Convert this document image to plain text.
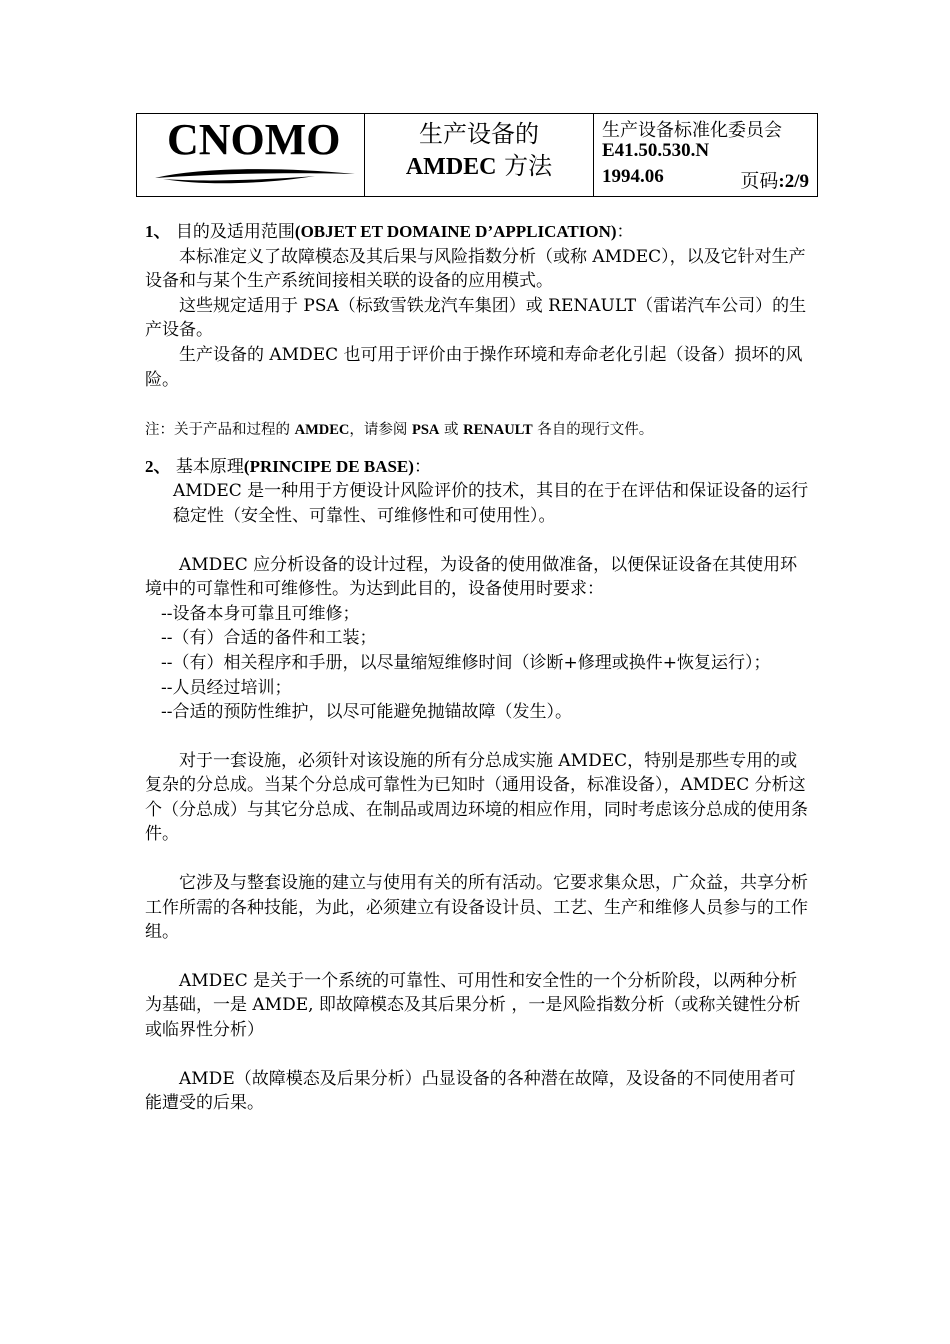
CNOMO	生产设备的
AMDEC 方法
生产设备标准化委员会
E41.50.530.N
1994.06	页码:2/9

1、 目的及适用范围(OBJET ET DOMAINE D’APPLICATION)：

本标准定义了故障模态及其后果与风险指数分析（或称 AMDEC），以及它针对生产设备和与某个生产系统间接相关联的设备的应用模式。

这些规定适用于 PSA（标致雪铁龙汽车集团）或 RENAULT（雷诺汽车公司）的生产设备。

生产设备的 AMDEC 也可用于评价由于操作环境和寿命老化引起（设备）损坏的风险。

注：关于产品和过程的 AMDEC，请参阅 PSA 或 RENAULT 各自的现行文件。

2、 基本原理(PRINCIPE DE BASE)：

AMDEC 是一种用于方便设计风险评价的技术，其目的在于在评估和保证设备的运行稳定性（安全性、可靠性、可维修性和可使用性）。

AMDEC 应分析设备的设计过程，为设备的使用做准备，以便保证设备在其使用环境中的可靠性和可维修性。为达到此目的，设备使用时要求：

--设备本身可靠且可维修；

--（有）合适的备件和工装；

--（有）相关程序和手册，以尽量缩短维修时间（诊断+修理或换件+恢复运行）；

--人员经过培训；

--合适的预防性维护，以尽可能避免抛锚故障（发生）。

对于一套设施，必须针对该设施的所有分总成实施 AMDEC，特别是那些专用的或复杂的分总成。当某个分总成可靠性为已知时（通用设备，标准设备），AMDEC 分析这个（分总成）与其它分总成、在制品或周边环境的相应作用，同时考虑该分总成的使用条件。

它涉及与整套设施的建立与使用有关的所有活动。它要求集众思，广众益，共享分析工作所需的各种技能，为此，必须建立有设备设计员、工艺、生产和维修人员参与的工作组。

AMDEC 是关于一个系统的可靠性、可用性和安全性的一个分析阶段，以两种分析为基础，一是 AMDE, 即故障模态及其后果分析 ，一是风险指数分析（或称关键性分析或临界性分析）

AMDE（故障模态及后果分析）凸显设备的各种潜在故障，及设备的不同使用者可能遭受的后果。
